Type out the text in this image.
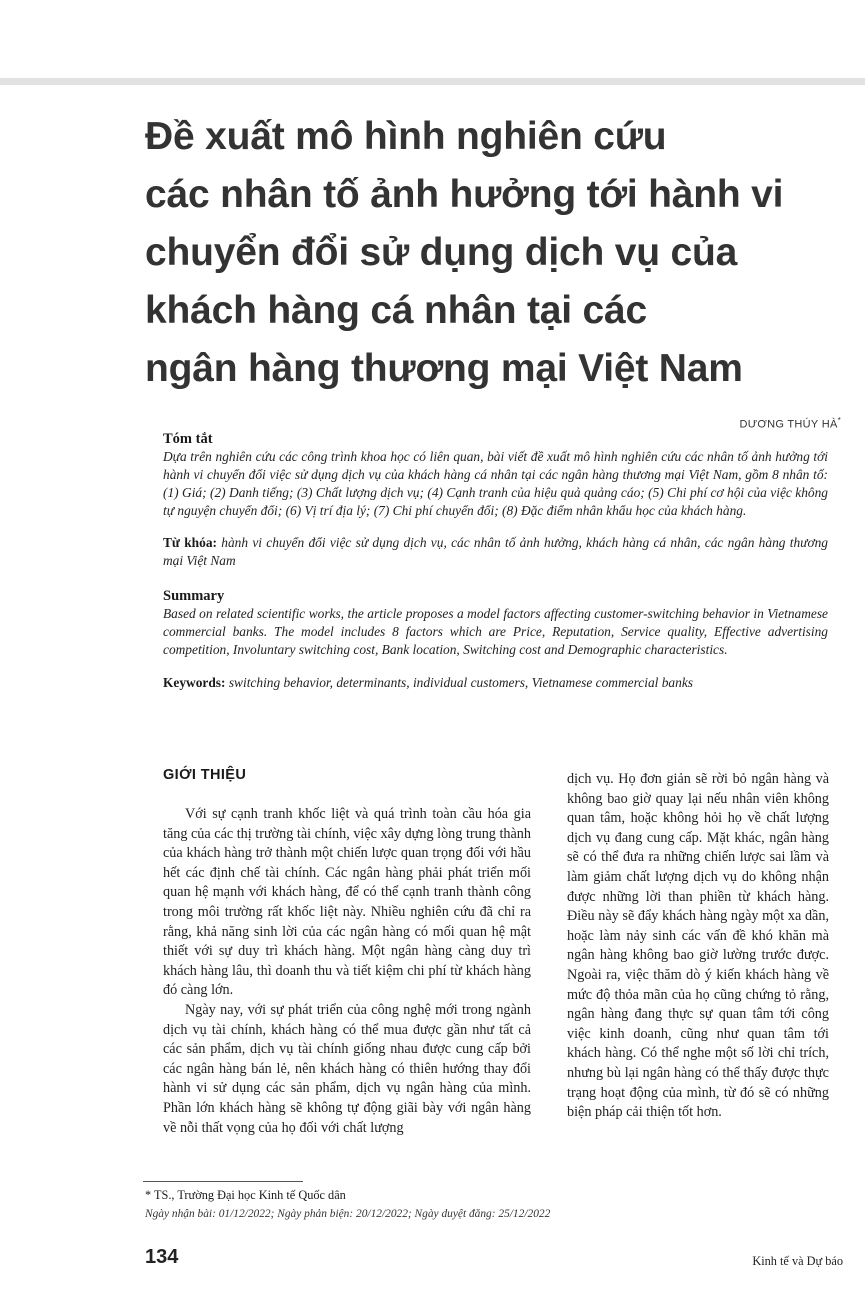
Đề xuất mô hình nghiên cứu
các nhân tố ảnh hưởng tới hành vi
chuyển đổi sử dụng dịch vụ của
khách hàng cá nhân tại các
ngân hàng thương mại Việt Nam
DƯƠNG THÚY HÀ*

Tóm tắt

Dựa trên nghiên cứu các công trình khoa học có liên quan, bài viết đề xuất mô hình nghiên cứu các nhân tố ảnh hưởng tới hành vi chuyển đổi việc sử dụng dịch vụ của khách hàng cá nhân tại các ngân hàng thương mại Việt Nam, gồm 8 nhân tố: (1) Giá; (2) Danh tiếng; (3) Chất lượng dịch vụ; (4) Cạnh tranh của hiệu quả quảng cáo; (5) Chi phí cơ hội của việc không tự nguyện chuyển đổi; (6) Vị trí địa lý; (7) Chi phí chuyển đổi; (8) Đặc điểm nhân khẩu học của khách hàng.

Từ khóa: hành vi chuyển đổi việc sử dụng dịch vụ, các nhân tố ảnh hưởng, khách hàng cá nhân, các ngân hàng thương mại Việt Nam

Summary

Based on related scientific works, the article proposes a model factors affecting customer-switching behavior in Vietnamese commercial banks. The model includes 8 factors which are Price, Reputation, Service quality, Effective advertising competition, Involuntary switching cost, Bank location, Switching cost and Demographic characteristics.

Keywords: switching behavior, determinants, individual customers, Vietnamese commercial banks

GIỚI THIỆU

Với sự cạnh tranh khốc liệt và quá trình toàn cầu hóa gia tăng của các thị trường tài chính, việc xây dựng lòng trung thành của khách hàng trở thành một chiến lược quan trọng đối với hầu hết các định chế tài chính. Các ngân hàng phải phát triển mối quan hệ mạnh với khách hàng, để có thể cạnh tranh thành công trong môi trường rất khốc liệt này. Nhiều nghiên cứu đã chỉ ra rằng, khả năng sinh lời của các ngân hàng có mối quan hệ mật thiết với sự duy trì khách hàng. Một ngân hàng càng duy trì khách hàng lâu, thì doanh thu và tiết kiệm chi phí từ khách hàng đó càng lớn.

Ngày nay, với sự phát triển của công nghệ mới trong ngành dịch vụ tài chính, khách hàng có thể mua được gần như tất cả các sản phẩm, dịch vụ tài chính giống nhau được cung cấp bởi các ngân hàng bán lẻ, nên khách hàng có thiên hướng thay đổi hành vi sử dụng các sản phẩm, dịch vụ ngân hàng của mình. Phần lớn khách hàng sẽ không tự động giãi bày với ngân hàng về nỗi thất vọng của họ đối với chất lượng

dịch vụ. Họ đơn giản sẽ rời bỏ ngân hàng và không bao giờ quay lại nếu nhân viên không quan tâm, hoặc không hỏi họ về chất lượng dịch vụ đang cung cấp. Mặt khác, ngân hàng sẽ có thể đưa ra những chiến lược sai lầm và làm giảm chất lượng dịch vụ do không nhận được những lời than phiền từ khách hàng. Điều này sẽ đẩy khách hàng ngày một xa dần, hoặc làm nảy sinh các vấn đề khó khăn mà ngân hàng không bao giờ lường trước được. Ngoài ra, việc thăm dò ý kiến khách hàng về mức độ thỏa mãn của họ cũng chứng tỏ rằng, ngân hàng đang thực sự quan tâm tới công việc kinh doanh, cũng như quan tâm tới khách hàng. Có thể nghe một số lời chỉ trích, nhưng bù lại ngân hàng có thể thấy được thực trạng hoạt động của mình, từ đó sẽ có những biện pháp cải thiện tốt hơn.

* TS., Trường Đại học Kinh tế Quốc dân

Ngày nhận bài: 01/12/2022; Ngày phản biện: 20/12/2022; Ngày duyệt đăng: 25/12/2022

134	Kinh tế và Dự báo
